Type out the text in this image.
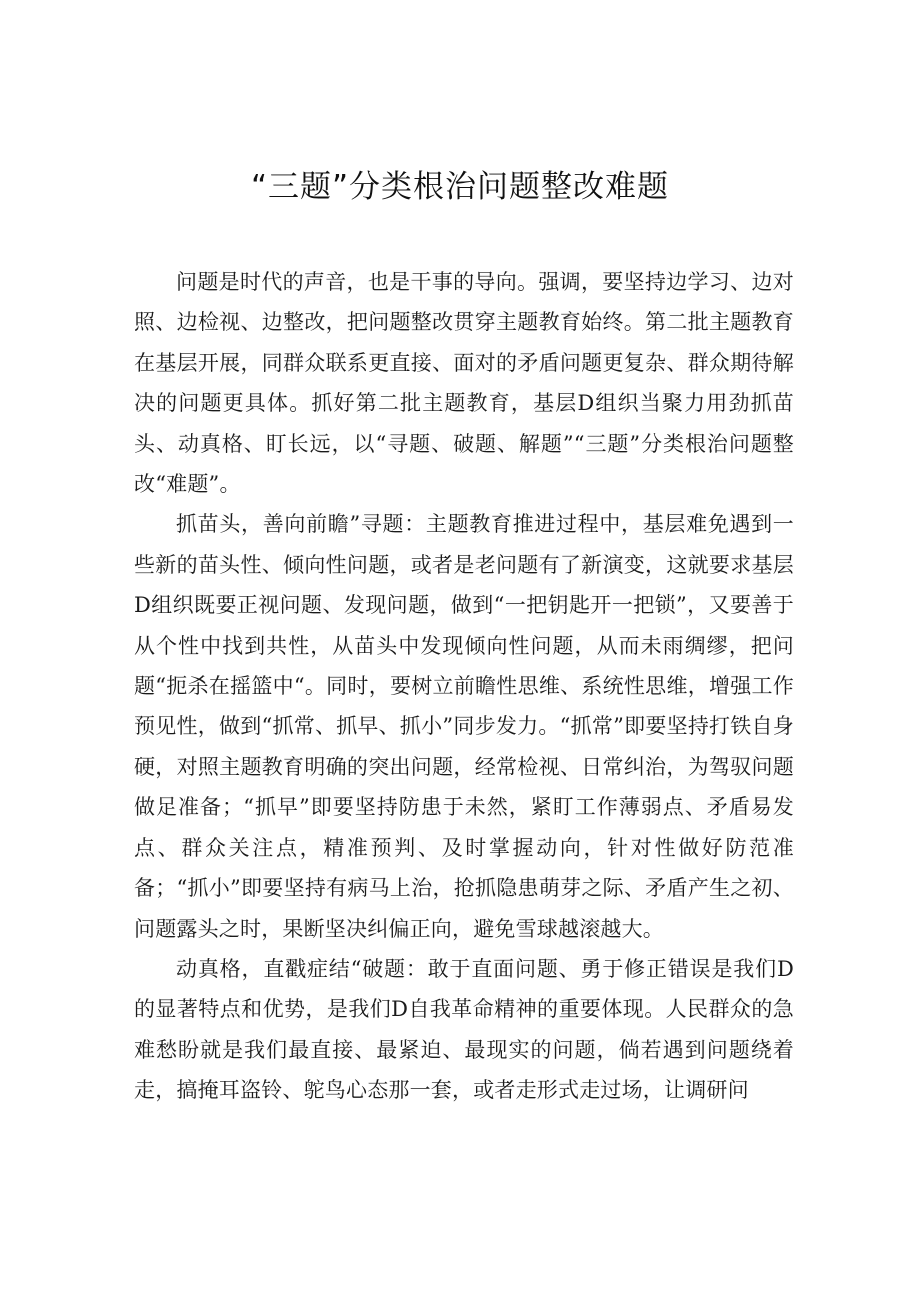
“三题”分类根治问题整改难题

问题是时代的声音，也是干事的导向。强调，要坚持边学习、边对照、边检视、边整改，把问题整改贯穿主题教育始终。第二批主题教育在基层开展，同群众联系更直接、面对的矛盾问题更复杂、群众期待解决的问题更具体。抓好第二批主题教育，基层D组织当聚力用劲抓苗头、动真格、盯长远，以“寻题、破题、解题”“三题”分类根治问题整改“难题”。

抓苗头，善向前瞻”寻题：主题教育推进过程中，基层难免遇到一些新的苗头性、倾向性问题，或者是老问题有了新演变，这就要求基层D组织既要正视问题、发现问题，做到“一把钥匙开一把锁”，又要善于从个性中找到共性，从苗头中发现倾向性问题，从而未雨绸缪，把问题“扼杀在摇篮中“。同时，要树立前瞻性思维、系统性思维，增强工作预见性，做到“抓常、抓早、抓小”同步发力。“抓常”即要坚持打铁自身硬，对照主题教育明确的突出问题，经常检视、日常纠治，为驾驭问题做足准备；“抓早”即要坚持防患于未然，紧盯工作薄弱点、矛盾易发点、群众关注点，精准预判、及时掌握动向，针对性做好防范准备；“抓小”即要坚持有病马上治，抢抓隐患萌芽之际、矛盾产生之初、问题露头之时，果断坚决纠偏正向，避免雪球越滚越大。

动真格，直戳症结“破题：敢于直面问题、勇于修正错误是我们D的显著特点和优势，是我们D自我革命精神的重要体现。人民群众的急难愁盼就是我们最直接、最紧迫、最现实的问题，倘若遇到问题绕着走，搞掩耳盗铃、鸵鸟心态那一套，或者走形式走过场，让调研问
